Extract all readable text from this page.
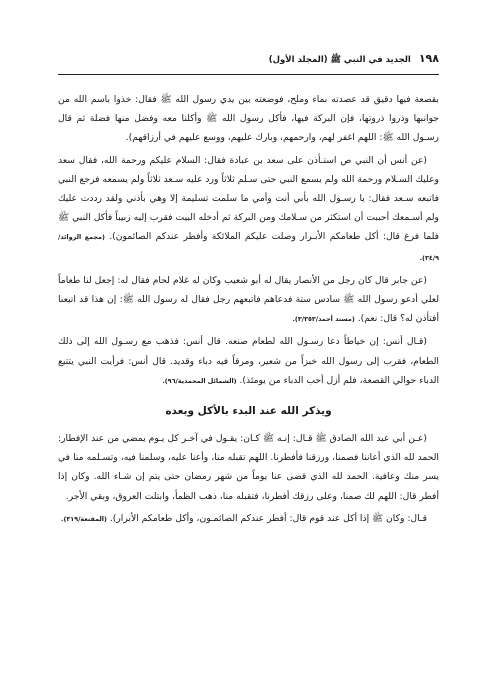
١٩٨
الجديد في النبي ﷺ (المجلد الأول)

بقصعة فيها دقيق قد عصدته بماء وملح، فوضعته بين يدي رسول الله ﷺ فقال: خذوا باسم الله من جوانبها وذروا ذروتها، فإن البركة فيها، فأكل رسول الله ﷺ وأكلنا معه وفضل منها فضلة ثم قال رسـول الله ﷺ: اللهم اغفر لهم، وارحمهم، وبارك عليهم، ووسع عليهم في أرزاقهم).

(عن أنس أن النبي ص استـأذن على سعد بن عبادة فقال: السلام عليكم ورحمة الله، فقال سعد وعليك السـلام ورحمة الله ولم يسمع النبي حتى سـلم ثلاثاً ورد عليه سـعد ثلاثاً ولم يسمعه فرجع النبي فاتبعه سـعد فقال: يا رسـول الله بأبي أنت وأمي ما سلمت تسليمة إلا وهي بأذني ولقد رددت عليك ولم أسـمعك أحببت أن استكثر من سـلامك ومن البركة ثم أدخله البيت فقرب إليه زبيباً فأكل النبي ﷺ فلما فرغ قال: أكل طعامكم الأبـرار وصلت عليكم الملائكة وأفطر عندكم الصائمون). (مجمع الزوائد/٣٤/٩).

(عن جابر قال كان رجل من الأنصار يقال له أبو شعيب وكان له غلام لحام فقال له: إجعل لنا طعاماً لعلي أدعو رسول الله ﷺ سادس ستة فدعاهم فاتبعهم رجل فقال له رسول الله ﷺ: إن هذا قد اتبعنا أفتأذن له؟ قال: نعم). (مسند أحمد/٣/٣٥٣).

(قـال أنس: إن خياطاً دعا رسـول الله لطعام صنعه. قال أنس: فذهب مع رسـول الله إلى ذلك الطعام، فقرب إلى رسول الله خبزاً من شعير، ومرقاً فيه دباء وقديد. قال أنس: فرأيت النبي يتتبع الدباء حوالي القصعة، فلم أزل أحب الدباء من يومئذ). (الشمائل المحمدية/٩٦).

ويذكر الله عند البدء بالأكل وبعده

(عـن أبي عبد الله الصادق ﷺ قـال: إنـه ﷺ كـان: يقـول في آخـر كل يـوم يمضي من عند الإفطار: الحمد لله الذي أعاننا فصمنا، ورزقنا فأفطرنا. اللهم تقبله منا، وأعنا عليه، وسلمنا فيه، وتسـلمه منا في يسر منك وعافية. الحمد لله الذي قضى عنا يوماً من شهر رمضان حتى يتم إن شـاء الله. وكان إذا أفطر قال: اللهم لك صمنا، وعلى رزقك أفطرنا، فتقبله منا، ذهب الظمأ، وابتلت العروق، وبقي الأجر.

قـال: وكان ﷺ إذا أكل عند قوم قال: أفطر عندكم الصائمـون، وأكل طعامكم الأبرار). (المقنعة/٣١٩).
